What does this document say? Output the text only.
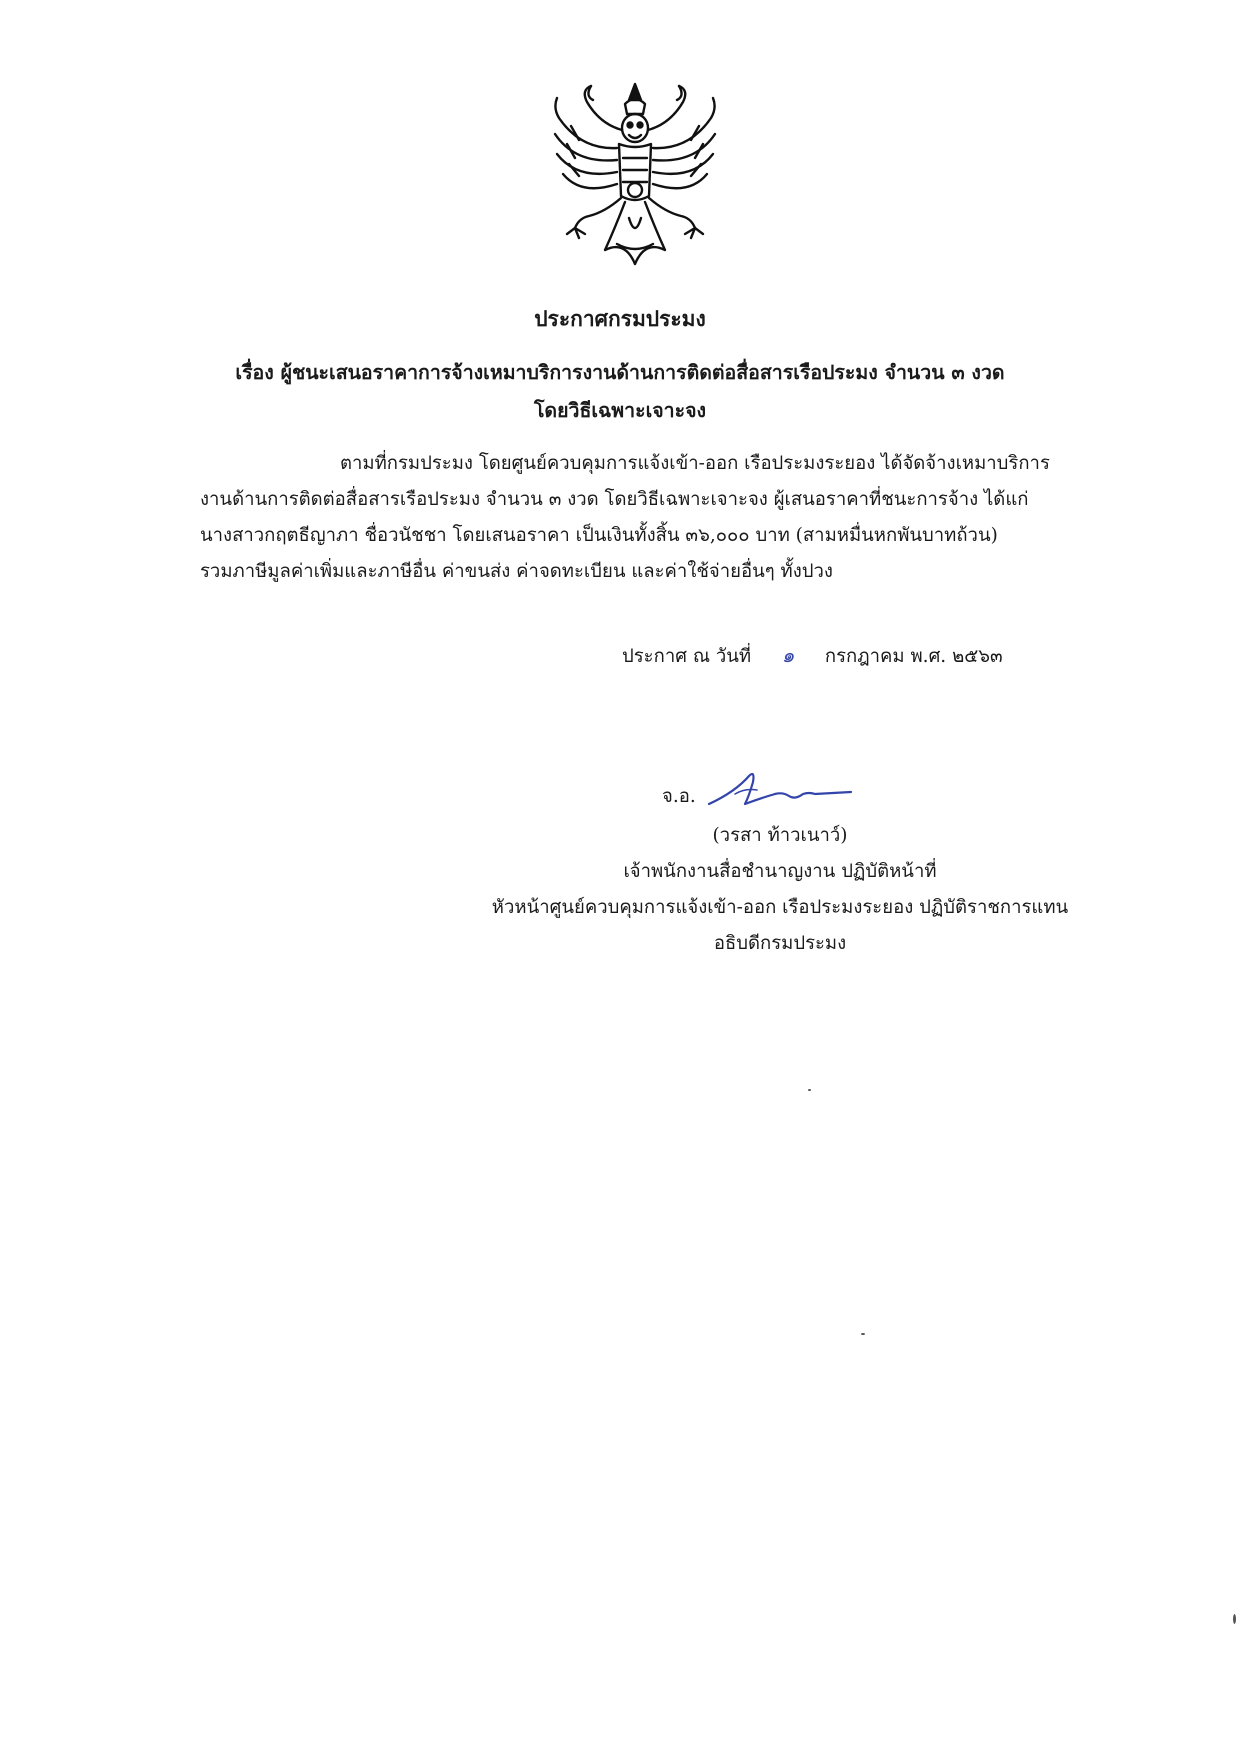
ประกาศกรมประมง
เรื่อง ผู้ชนะเสนอราคาการจ้างเหมาบริการงานด้านการติดต่อสื่อสารเรือประมง จำนวน ๓ งวด
โดยวิธีเฉพาะเจาะจง
ตามที่กรมประมง โดยศูนย์ควบคุมการแจ้งเข้า-ออก เรือประมงระยอง ได้จัดจ้างเหมาบริการ
งานด้านการติดต่อสื่อสารเรือประมง จำนวน ๓ งวด โดยวิธีเฉพาะเจาะจง ผู้เสนอราคาที่ชนะการจ้าง ได้แก่
นางสาวกฤตธีญาภา ชื่อวนัชชา โดยเสนอราคา เป็นเงินทั้งสิ้น ๓๖,๐๐๐ บาท (สามหมื่นหกพันบาทถ้วน)
รวมภาษีมูลค่าเพิ่มและภาษีอื่น ค่าขนส่ง ค่าจดทะเบียน และค่าใช้จ่ายอื่นๆ ทั้งปวง
ประกาศ ณ วันที่ ๑ กรกฎาคม พ.ศ. ๒๕๖๓
จ.อ.
(วรสา ท้าวเนาว์)
เจ้าพนักงานสื่อชำนาญงาน ปฏิบัติหน้าที่
หัวหน้าศูนย์ควบคุมการแจ้งเข้า-ออก เรือประมงระยอง ปฏิบัติราชการแทน
อธิบดีกรมประมง
